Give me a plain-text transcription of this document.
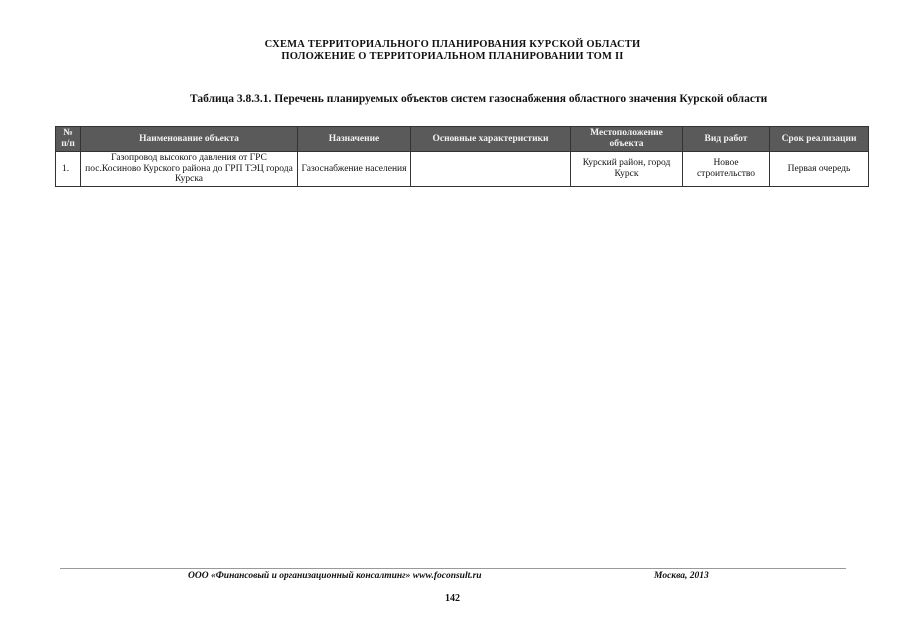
СХЕМА ТЕРРИТОРИАЛЬНОГО ПЛАНИРОВАНИЯ КУРСКОЙ ОБЛАСТИ
ПОЛОЖЕНИЕ О ТЕРРИТОРИАЛЬНОМ ПЛАНИРОВАНИИ ТОМ II
Таблица 3.8.3.1. Перечень планируемых объектов систем газоснабжения областного значения Курской области
№ п/п	Наименование объекта	Назначение	Основные характеристики	Местоположение объекта	Вид работ	Срок реализации
1.	Газопровод высокого давления от ГРС пос.Косиново Курского района до ГРП ТЭЦ города Курска	Газоснабжение населения		Курский район, город Курск	Новое строительство	Первая очередь
ООО «Финансовый и организационный консалтинг» www.foconsult.ru	Москва, 2013
142
